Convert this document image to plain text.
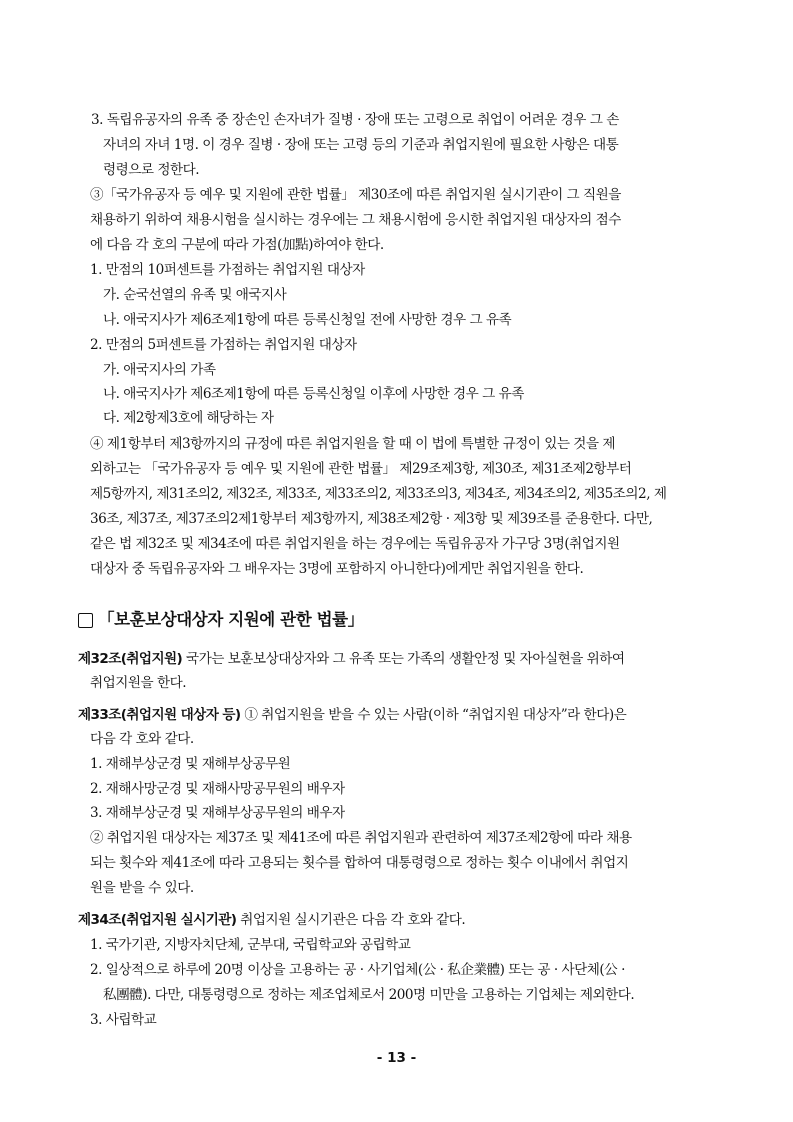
3. 독립유공자의 유족 중 장손인 손자녀가 질병 · 장애 또는 고령으로 취업이 어려운 경우 그 손
자녀의 자녀 1명. 이 경우 질병 · 장애 또는 고령 등의 기준과 취업지원에 필요한 사항은 대통
령령으로 정한다.
③「국가유공자 등 예우 및 지원에 관한 법률」 제30조에 따른 취업지원 실시기관이 그 직원을
채용하기 위하여 채용시험을 실시하는 경우에는 그 채용시험에 응시한 취업지원 대상자의 점수
에 다음 각 호의 구분에 따라 가점(加點)하여야 한다.
1. 만점의 10퍼센트를 가점하는 취업지원 대상자
가. 순국선열의 유족 및 애국지사
나. 애국지사가 제6조제1항에 따른 등록신청일 전에 사망한 경우 그 유족
2. 만점의 5퍼센트를 가점하는 취업지원 대상자
가. 애국지사의 가족
나. 애국지사가 제6조제1항에 따른 등록신청일 이후에 사망한 경우 그 유족
다. 제2항제3호에 해당하는 자
④ 제1항부터 제3항까지의 규정에 따른 취업지원을 할 때 이 법에 특별한 규정이 있는 것을 제
외하고는 「국가유공자 등 예우 및 지원에 관한 법률」 제29조제3항, 제30조, 제31조제2항부터
제5항까지, 제31조의2, 제32조, 제33조, 제33조의2, 제33조의3, 제34조, 제34조의2, 제35조의2, 제
36조, 제37조, 제37조의2제1항부터 제3항까지, 제38조제2항 · 제3항 및 제39조를 준용한다. 다만,
같은 법 제32조 및 제34조에 따른 취업지원을 하는 경우에는 독립유공자 가구당 3명(취업지원
대상자 중 독립유공자와 그 배우자는 3명에 포함하지 아니한다)에게만 취업지원을 한다.
「보훈보상대상자 지원에 관한 법률」
제32조(취업지원) 국가는 보훈보상대상자와 그 유족 또는 가족의 생활안정 및 자아실현을 위하여
취업지원을 한다.
제33조(취업지원 대상자 등) ① 취업지원을 받을 수 있는 사람(이하 “취업지원 대상자”라 한다)은
다음 각 호와 같다.
1. 재해부상군경 및 재해부상공무원
2. 재해사망군경 및 재해사망공무원의 배우자
3. 재해부상군경 및 재해부상공무원의 배우자
② 취업지원 대상자는 제37조 및 제41조에 따른 취업지원과 관련하여 제37조제2항에 따라 채용
되는 횟수와 제41조에 따라 고용되는 횟수를 합하여 대통령령으로 정하는 횟수 이내에서 취업지
원을 받을 수 있다.
제34조(취업지원 실시기관) 취업지원 실시기관은 다음 각 호와 같다.
1. 국가기관, 지방자치단체, 군부대, 국립학교와 공립학교
2. 일상적으로 하루에 20명 이상을 고용하는 공 · 사기업체(公 · 私企業體) 또는 공 · 사단체(公 ·
私團體). 다만, 대통령령으로 정하는 제조업체로서 200명 미만을 고용하는 기업체는 제외한다.
3. 사립학교
- 13 -
